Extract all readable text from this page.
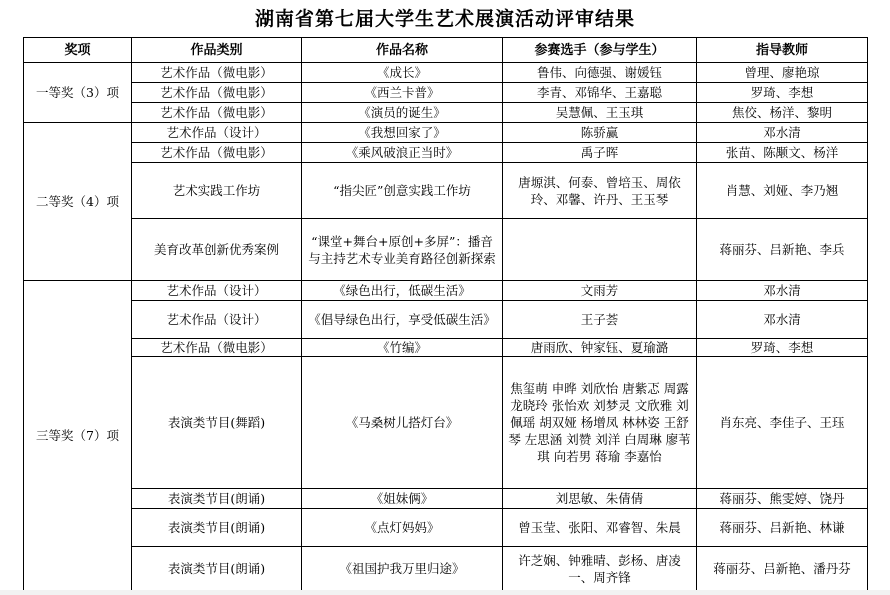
湖南省第七届大学生艺术展演活动评审结果
奖项	作品类别	作品名称	参赛选手（参与学生）	指导教师
一等奖（3）项	艺术作品（微电影）	《成长》	鲁伟、向德强、谢媛钰	曾理、廖艳琼
	艺术作品（微电影）	《西兰卡普》	李青、邓锦华、王嘉聪	罗琦、李想
	艺术作品（微电影）	《演员的诞生》	吴慧佩、王玉琪	焦佼、杨洋、黎明
二等奖（4）项	艺术作品（设计）	《我想回家了》	陈骄赢	邓水清
	艺术作品（微电影）	《乘风破浪正当时》	禹子晖	张苗、陈颙文、杨洋
	艺术实践工作坊	“指尖匠”创意实践工作坊	唐塬淇、何泰、曾培玉、周依玲、邓馨、许丹、王玉琴	肖慧、刘娅、李乃翘
	美育改革创新优秀案例	“课堂+舞台+原创+多屏”：播音与主持艺术专业美育路径创新探索		蒋丽芬、吕新艳、李兵
三等奖（7）项	艺术作品（设计）	《绿色出行，低碳生活》	文雨芳	邓水清
	艺术作品（设计）	《倡导绿色出行，享受低碳生活》	王子荟	邓水清
	艺术作品（微电影）	《竹编》	唐雨欣、钟家钰、夏瑜潞	罗琦、李想
	表演类节目(舞蹈)	《马桑树儿搭灯台》	焦玺萌 申晔 刘欣怡 唐紫忑 周露 龙晓玲 张怡欢 刘梦灵 文欣雅 刘佩瑶 胡双娅 杨增凤 林林姿 王舒琴 左思涵 刘赞 刘洋 白周琳 廖苇琪 向若男 蒋瑜 李嘉怡	肖东亮、李佳子、王珏
	表演类节目(朗诵)	《姐妹俩》	刘思敏、朱倩倩	蒋丽芬、熊雯婷、饶丹
	表演类节目(朗诵)	《点灯妈妈》	曾玉莹、张阳、邓睿智、朱晨	蒋丽芬、吕新艳、林谦
	表演类节目(朗诵)	《祖国护我万里归途》	许芝娴、钟雅晴、彭杨、唐凌一、周齐锋	蒋丽芬、吕新艳、潘丹芬
